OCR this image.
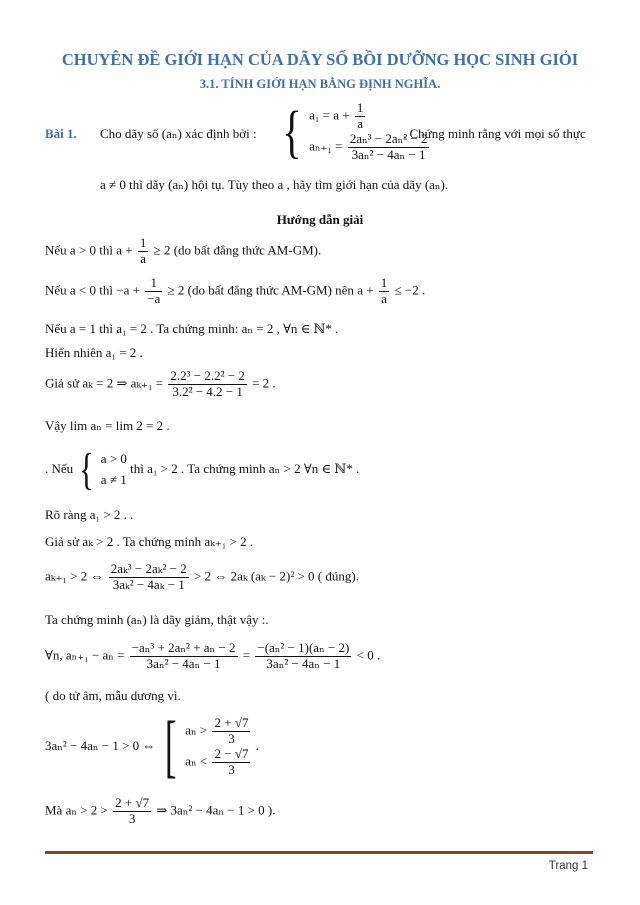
CHUYÊN ĐỀ GIỚI HẠN CỦA DÃY SỐ BỒI DƯỠNG HỌC SINH GIỎI
3.1. TÍNH GIỚI HẠN BẰNG ĐỊNH NGHĨA.
Bài 1. Cho dãy số (aₙ) xác định bởi : { $a_1 = a + \frac{1}{a}$
$a_{n+1} = \frac{\text{2aₙ³ − 2aₙ² − 2}}{\text{3aₙ² − 4aₙ − 1}}$
. Chứng minh rằng với mọi số thực
a ≠ 0 thì dãy (aₙ) hội tụ. Tùy theo a , hãy tìm giới hạn của dãy (aₙ).
Hướng dẫn giải
Nếu a > 0 thì $a + \frac{1}{a} \ge 2$ (do bất đẳng thức AM-GM).
Nếu a < 0 thì $-a + \frac{1}{-a} \ge 2$ (do bất đẳng thức AM-GM) nên $a + \frac{1}{a} \le -2$ .
Nếu a = 1 thì a₁ = 2 . Ta chứng minh: aₙ = 2 , ∀n ∈ ℕ* .
Hiển nhiên a₁ = 2 .
Giả sử aₖ = 2 ⇒ $a_{k+1} = \frac{\text{2.2³ − 2.2² − 2}}{\text{3.2² − 4.2 − 1}} = 2$ .
Vậy lim aₙ = lim 2 = 2 .
. Nếu { a > 0
a ≠ 1
thì a₁ > 2 . Ta chứng minh aₙ > 2 ∀n ∈ ℕ* .
Rõ ràng a₁ > 2 . .
Giả sử aₖ > 2 . Ta chứng minh aₖ₊₁ > 2 .
aₖ₊₁ > 2 ⇔ $\frac{\text{2aₖ³ − 2aₖ² − 2}}{\text{3aₖ² − 4aₖ − 1}} > 2$ ⇔ 2aₖ (aₖ − 2)² > 0 ( đúng).
Ta chứng minh (aₙ) là dãy giảm, thật vậy :.
∀n, $a_{n+1} - a_n = \frac{\text{−aₙ³ + 2aₙ² + aₙ − 2}}{\text{3aₙ² − 4aₙ − 1}} = \frac{\text{−(aₙ² − 1)(aₙ − 2)}}{\text{3aₙ² − 4aₙ − 1}} < 0$ .
( do tử âm, mẫu dương vì.
3aₙ² − 4aₙ − 1 > 0 ⇔ [ $a_n > \frac{2 + √7}{3}$
$a_n < \frac{2 - √7}{3}$
.
Mà $a_n > 2 > \frac{2 + √7}{3}$ ⇒ 3aₙ² − 4aₙ − 1 > 0 ).
Trang 1
